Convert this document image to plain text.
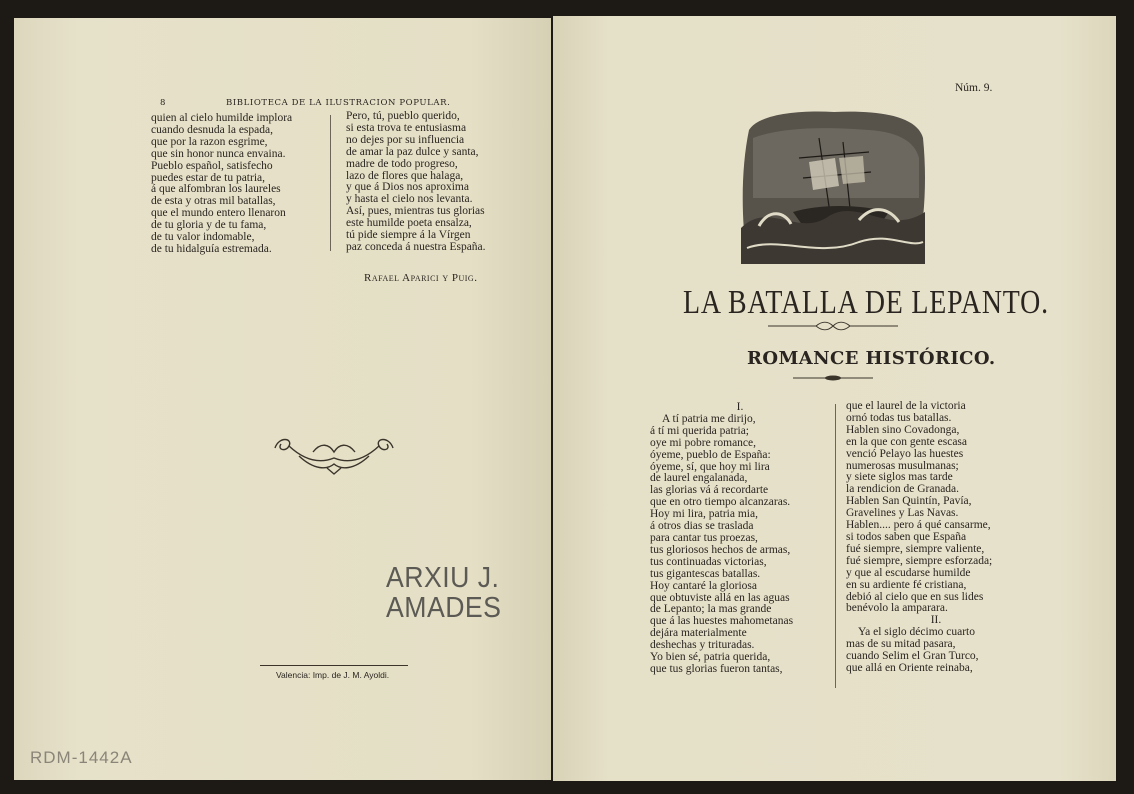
8	BIBLIOTECA DE LA ILUSTRACION POPULAR.
quien al cielo humilde implora
cuando desnuda la espada,
que por la razon esgrime,
que sin honor nunca envaina.
Pueblo español, satisfecho
puedes estar de tu patria,
á que alfombran los laureles
de esta y otras mil batallas,
que el mundo entero llenaron
de tu gloria y de tu fama,
de tu valor indomable,
de tu hidalguía estremada.
Pero, tú, pueblo querido,
si esta trova te entusiasma
no dejes por su influencia
de amar la paz dulce y santa,
madre de todo progreso,
lazo de flores que halaga,
y que á Dios nos aproxima
y hasta el cielo nos levanta.
Así, pues, mientras tus glorias
este humilde poeta ensalza,
tú pide siempre á la Vírgen
paz conceda á nuestra España.
Rafael Aparici y Puig.
ARXIU J.
AMADES
Valencia: Imp. de J. M. Ayoldi.
RDM-1442A
Núm. 9.
LA BATALLA DE LEPANTO.
ROMANCE HISTÓRICO.
I.
A tí patria me dirijo,
á tí mi querida patria;
oye mi pobre romance,
óyeme, pueblo de España:
óyeme, sí, que hoy mi lira
de laurel engalanada,
las glorias vá á recordarte
que en otro tiempo alcanzaras.
Hoy mi lira, patria mia,
á otros dias se traslada
para cantar tus proezas,
tus gloriosos hechos de armas,
tus continuadas victorias,
tus gigantescas batallas.
Hoy cantaré la gloriosa
que obtuviste allá en las aguas
de Lepanto; la mas grande
que á las huestes mahometanas
dejára materialmente
deshechas y trituradas.
Yo bien sé, patria querida,
que tus glorias fueron tantas,
que el laurel de la victoria
ornó todas tus batallas.
Hablen sino Covadonga,
en la que con gente escasa
venció Pelayo las huestes
numerosas musulmanas;
y siete siglos mas tarde
la rendicion de Granada.
Hablen San Quintín, Pavía,
Gravelines y Las Navas.
Hablen.... pero á qué cansarme,
si todos saben que España
fué siempre, siempre valiente,
fué siempre, siempre esforzada;
y que al escudarse humilde
en su ardiente fé cristiana,
debió al cielo que en sus lides
benévolo la amparara.
II.
Ya el siglo décimo cuarto
mas de su mitad pasara,
cuando Selim el Gran Turco,
que allá en Oriente reinaba,
